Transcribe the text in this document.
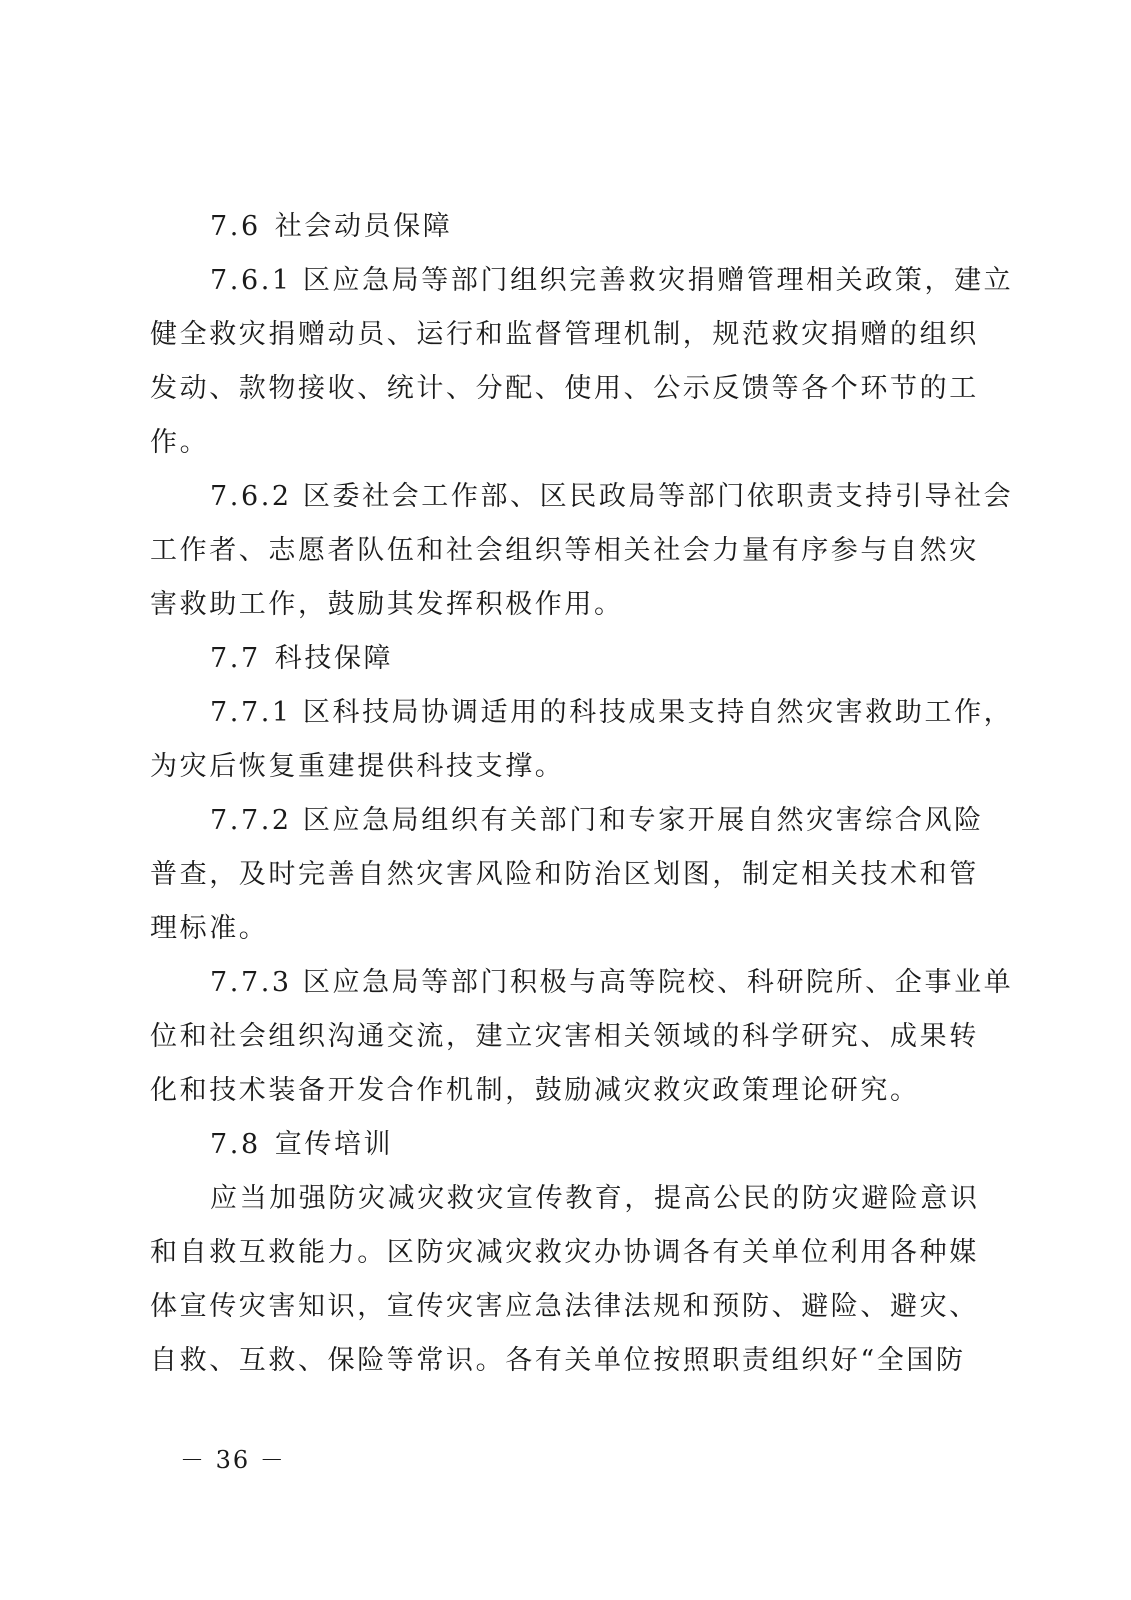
7.6 社会动员保障
7.6.1 区应急局等部门组织完善救灾捐赠管理相关政策，建立
健全救灾捐赠动员、运行和监督管理机制，规范救灾捐赠的组织
发动、款物接收、统计、分配、使用、公示反馈等各个环节的工
作。
7.6.2 区委社会工作部、区民政局等部门依职责支持引导社会
工作者、志愿者队伍和社会组织等相关社会力量有序参与自然灾
害救助工作，鼓励其发挥积极作用。
7.7 科技保障
7.7.1 区科技局协调适用的科技成果支持自然灾害救助工作，
为灾后恢复重建提供科技支撑。
7.7.2 区应急局组织有关部门和专家开展自然灾害综合风险
普查，及时完善自然灾害风险和防治区划图，制定相关技术和管
理标准。
7.7.3 区应急局等部门积极与高等院校、科研院所、企事业单
位和社会组织沟通交流，建立灾害相关领域的科学研究、成果转
化和技术装备开发合作机制，鼓励减灾救灾政策理论研究。
7.8 宣传培训
应当加强防灾减灾救灾宣传教育，提高公民的防灾避险意识
和自救互救能力。区防灾减灾救灾办协调各有关单位利用各种媒
体宣传灾害知识，宣传灾害应急法律法规和预防、避险、避灾、
自救、互救、保险等常识。各有关单位按照职责组织好“全国防
－ 36 －
